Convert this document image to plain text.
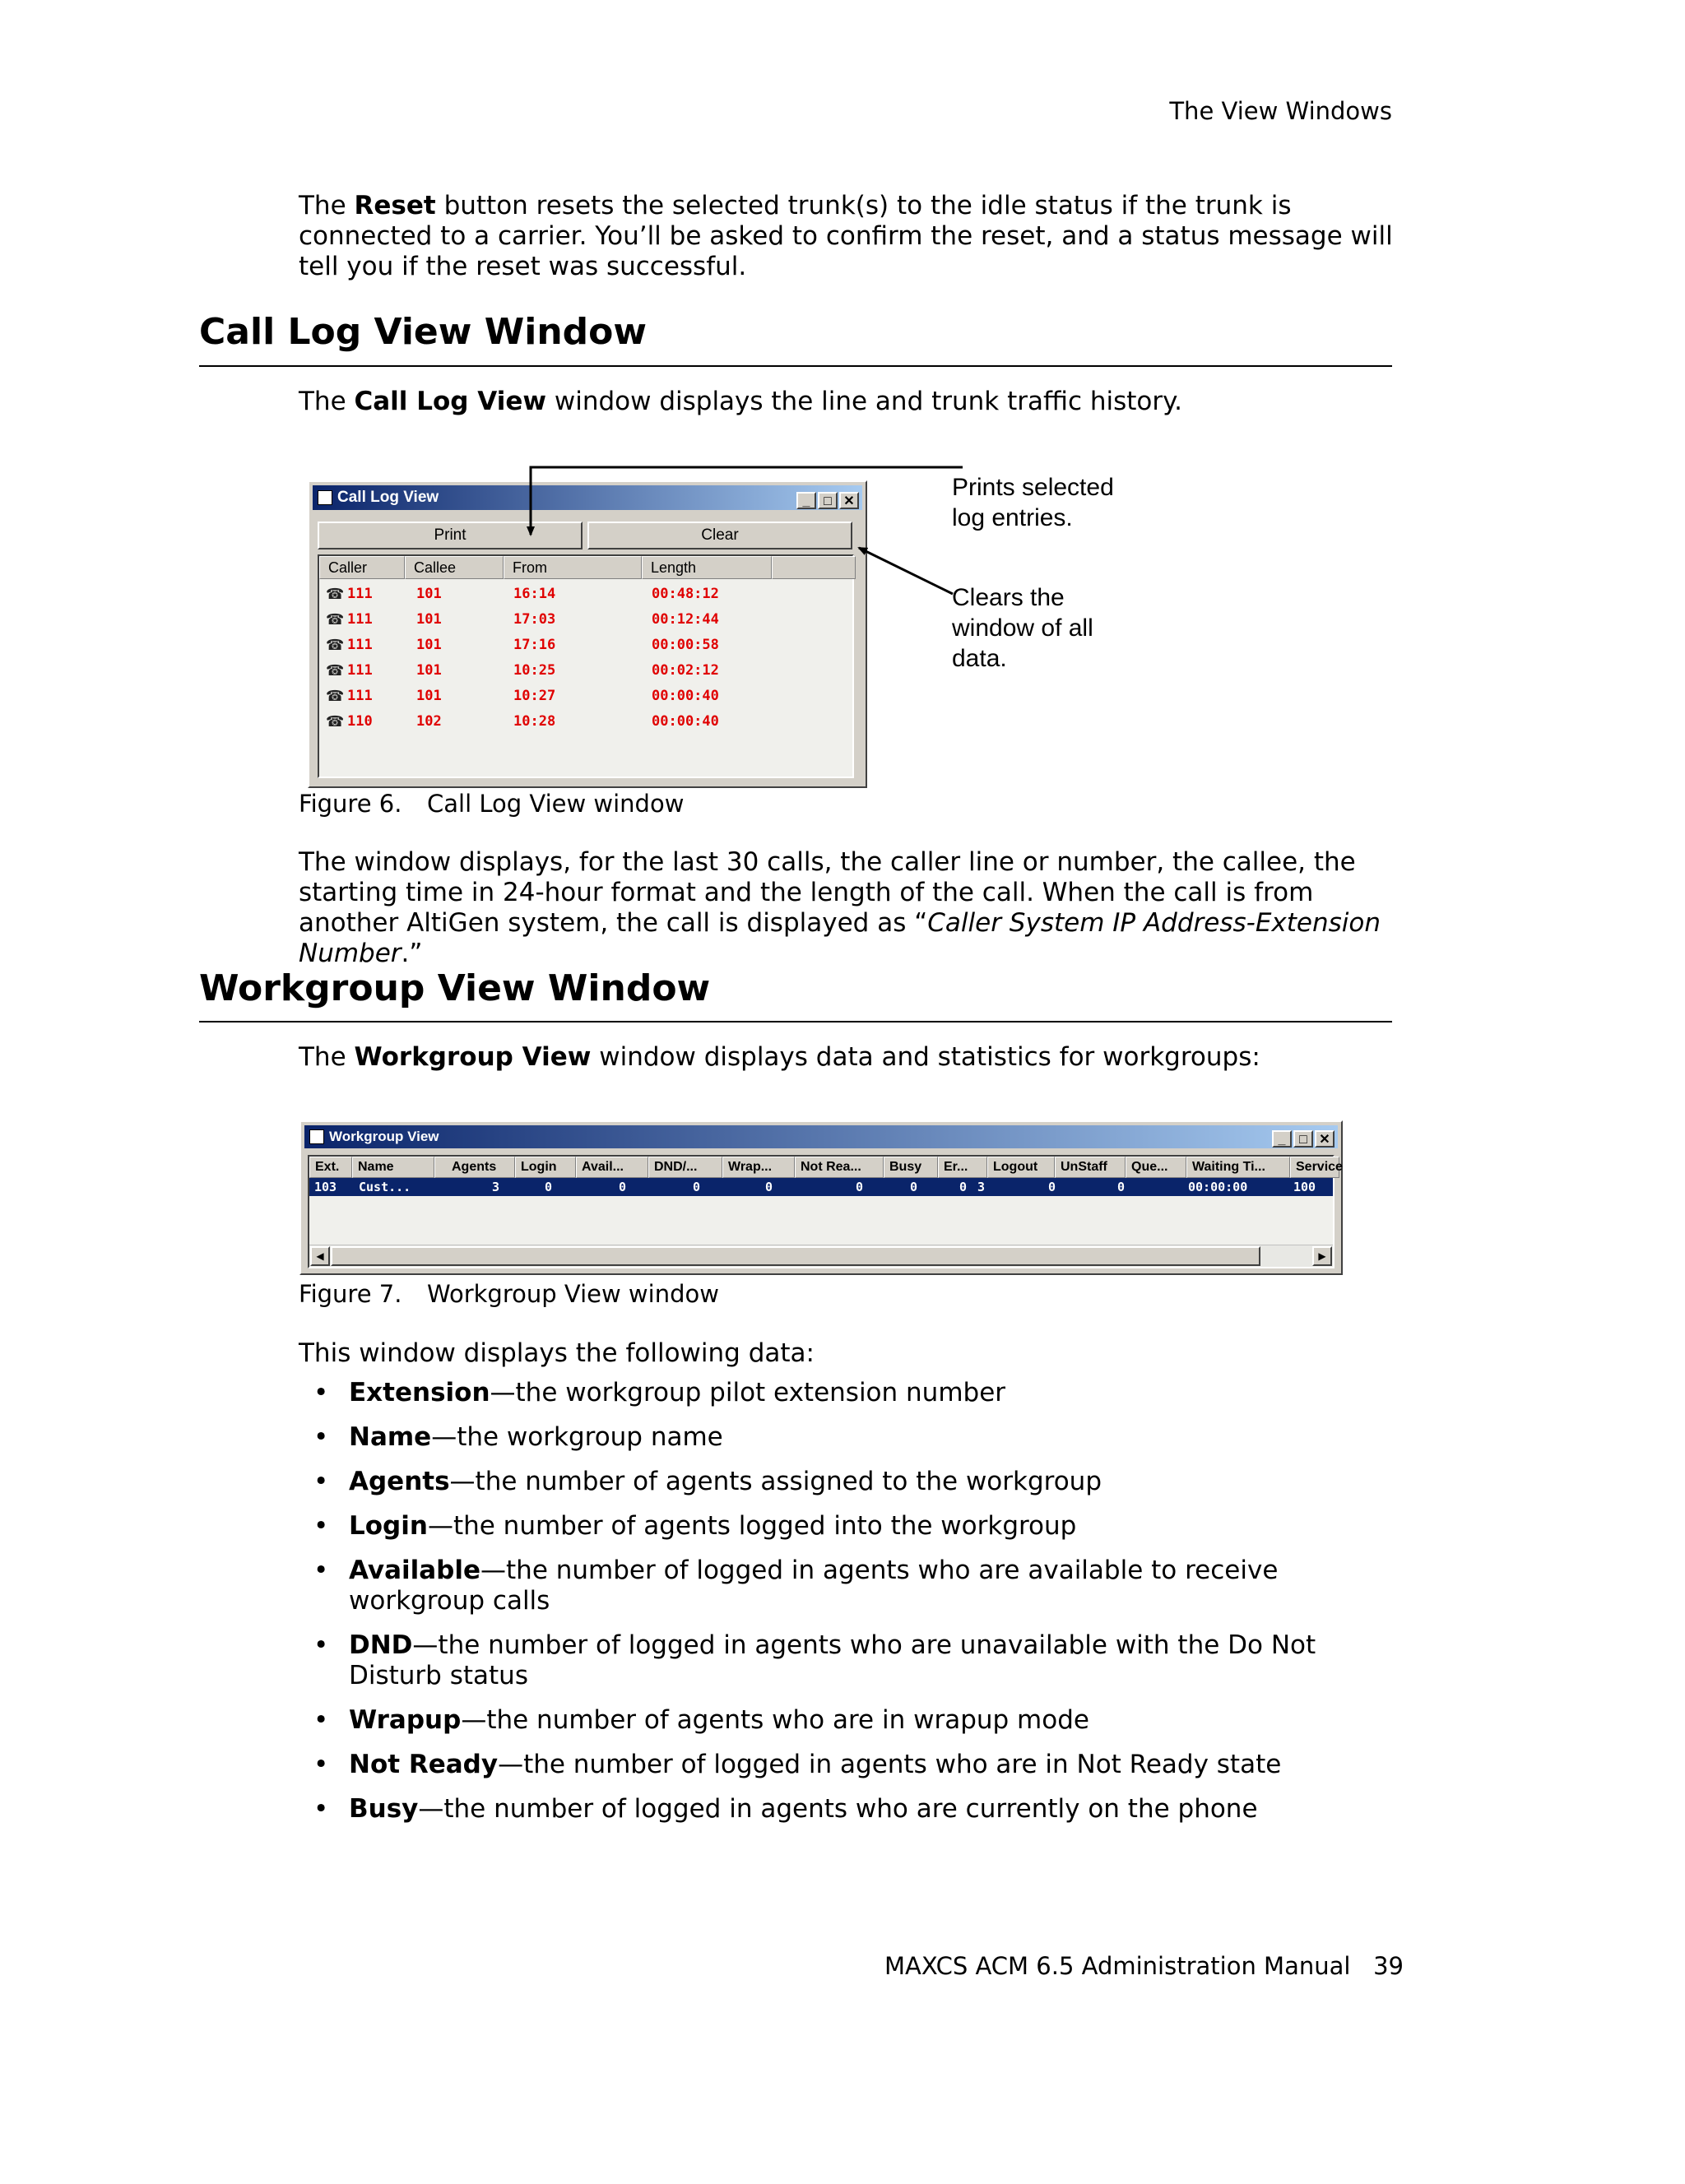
The View Windows
The Reset button resets the selected trunk(s) to the idle status if the trunk is connected to a carrier. You’ll be asked to confirm the reset, and a status message will tell you if the reset was successful.
Call Log View Window
The Call Log View window displays the line and trunk traffic history.
Call Log View	_ □ ✕
Print	Clear
Caller	Callee	From	Length
☎ 111	101	16:14	00:48:12
☎ 111	101	17:03	00:12:44
☎ 111	101	17:16	00:00:58
☎ 111	101	10:25	00:02:12
☎ 111	101	10:27	00:00:40
☎ 110	102	10:28	00:00:40
Prints selected
log entries.
Clears the
window of all
data.
Figure 6. Call Log View window
The window displays, for the last 30 calls, the caller line or number, the callee, the starting time in 24-hour format and the length of the call. When the call is from another AltiGen system, the call is displayed as “Caller System IP Address-Extension Number.”
Workgroup View Window
The Workgroup View window displays data and statistics for workgroups:
Workgroup View	_ □ ✕
Ext.	Name	Agents	Login	Avail...	DND/...	Wrap...	Not Rea...	Busy	Er...	Logout	UnStaff	Que...	Waiting Ti...	Service
103 Cust...	3	0	0	0	0	0	0	0 3	0	0	00:00:00	100
◀	▶
Figure 7. Workgroup View window
This window displays the following data:
• Extension—the workgroup pilot extension number
• Name—the workgroup name
• Agents—the number of agents assigned to the workgroup
• Login—the number of agents logged into the workgroup
• Available—the number of logged in agents who are available to receive workgroup calls
• DND—the number of logged in agents who are unavailable with the Do Not Disturb status
• Wrapup—the number of agents who are in wrapup mode
• Not Ready—the number of logged in agents who are in Not Ready state
• Busy—the number of logged in agents who are currently on the phone
MAXCS ACM 6.5 Administration Manual 39
